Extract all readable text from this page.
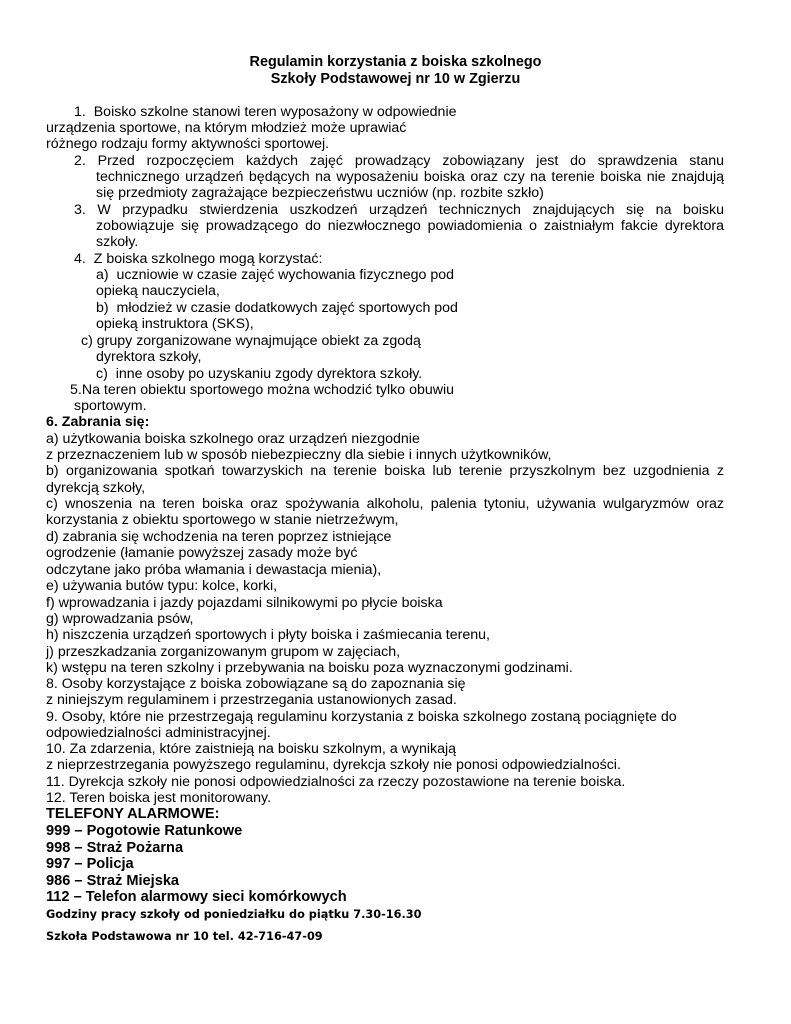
Regulamin korzystania z boiska szkolnego
Szkoły Podstawowej nr 10 w Zgierzu
1.  Boisko szkolne stanowi teren wyposażony w odpowiednie
urządzenia sportowe, na którym młodzież może uprawiać
różnego rodzaju formy aktywności sportowej.
2. Przed rozpoczęciem każdych zajęć prowadzący zobowiązany jest do sprawdzenia stanu
technicznego urządzeń będących na wyposażeniu boiska oraz czy na terenie boiska nie znajdują
się przedmioty zagrażające bezpieczeństwu uczniów (np. rozbite szkło)
3. W przypadku stwierdzenia uszkodzeń urządzeń technicznych znajdujących się na boisku
zobowiązuje się prowadzącego do niezwłocznego powiadomienia o zaistniałym fakcie dyrektora
szkoły.
4.  Z boiska szkolnego mogą korzystać:
a)  uczniowie w czasie zajęć wychowania fizycznego pod
opieką nauczyciela,
b)  młodzież w czasie dodatkowych zajęć sportowych pod
opieką instruktora (SKS),
c) grupy zorganizowane wynajmujące obiekt za zgodą
dyrektora szkoły,
c)  inne osoby po uzyskaniu zgody dyrektora szkoły.
5.Na teren obiektu sportowego można wchodzić tylko obuwiu
sportowym.
6. Zabrania się:
a) użytkowania boiska szkolnego oraz urządzeń niezgodnie
z przeznaczeniem lub w sposób niebezpieczny dla siebie i innych użytkowników,
b) organizowania spotkań towarzyskich na terenie boiska lub terenie przyszkolnym bez uzgodnienia z
dyrekcją szkoły,
c) wnoszenia na teren boiska oraz spożywania alkoholu, palenia tytoniu, używania wulgaryzmów oraz
korzystania z obiektu sportowego w stanie nietrzeźwym,
d) zabrania się wchodzenia na teren poprzez istniejące
ogrodzenie (łamanie powyższej zasady może być
odczytane jako próba włamania i dewastacja mienia),
e) używania butów typu: kolce, korki,
f) wprowadzania i jazdy pojazdami silnikowymi po płycie boiska
g) wprowadzania psów,
h) niszczenia urządzeń sportowych i płyty boiska i zaśmiecania terenu,
j) przeszkadzania zorganizowanym grupom w zajęciach,
k) wstępu na teren szkolny i przebywania na boisku poza wyznaczonymi godzinami.
8. Osoby korzystające z boiska zobowiązane są do zapoznania się
z niniejszym regulaminem i przestrzegania ustanowionych zasad.
9. Osoby, które nie przestrzegają regulaminu korzystania z boiska szkolnego zostaną pociągnięte do
odpowiedzialności administracyjnej.
10. Za zdarzenia, które zaistnieją na boisku szkolnym, a wynikają
z nieprzestrzegania powyższego regulaminu, dyrekcja szkoły nie ponosi odpowiedzialności.
11. Dyrekcja szkoły nie ponosi odpowiedzialności za rzeczy pozostawione na terenie boiska.
12. Teren boiska jest monitorowany.
TELEFONY ALARMOWE:
999 – Pogotowie Ratunkowe
998 – Straż Pożarna
997 – Policja
986 – Straż Miejska
112 – Telefon alarmowy sieci komórkowych
Godziny pracy szkoły od poniedziałku do piątku 7.30-16.30
Szkoła Podstawowa nr 10 tel. 42-716-47-09
